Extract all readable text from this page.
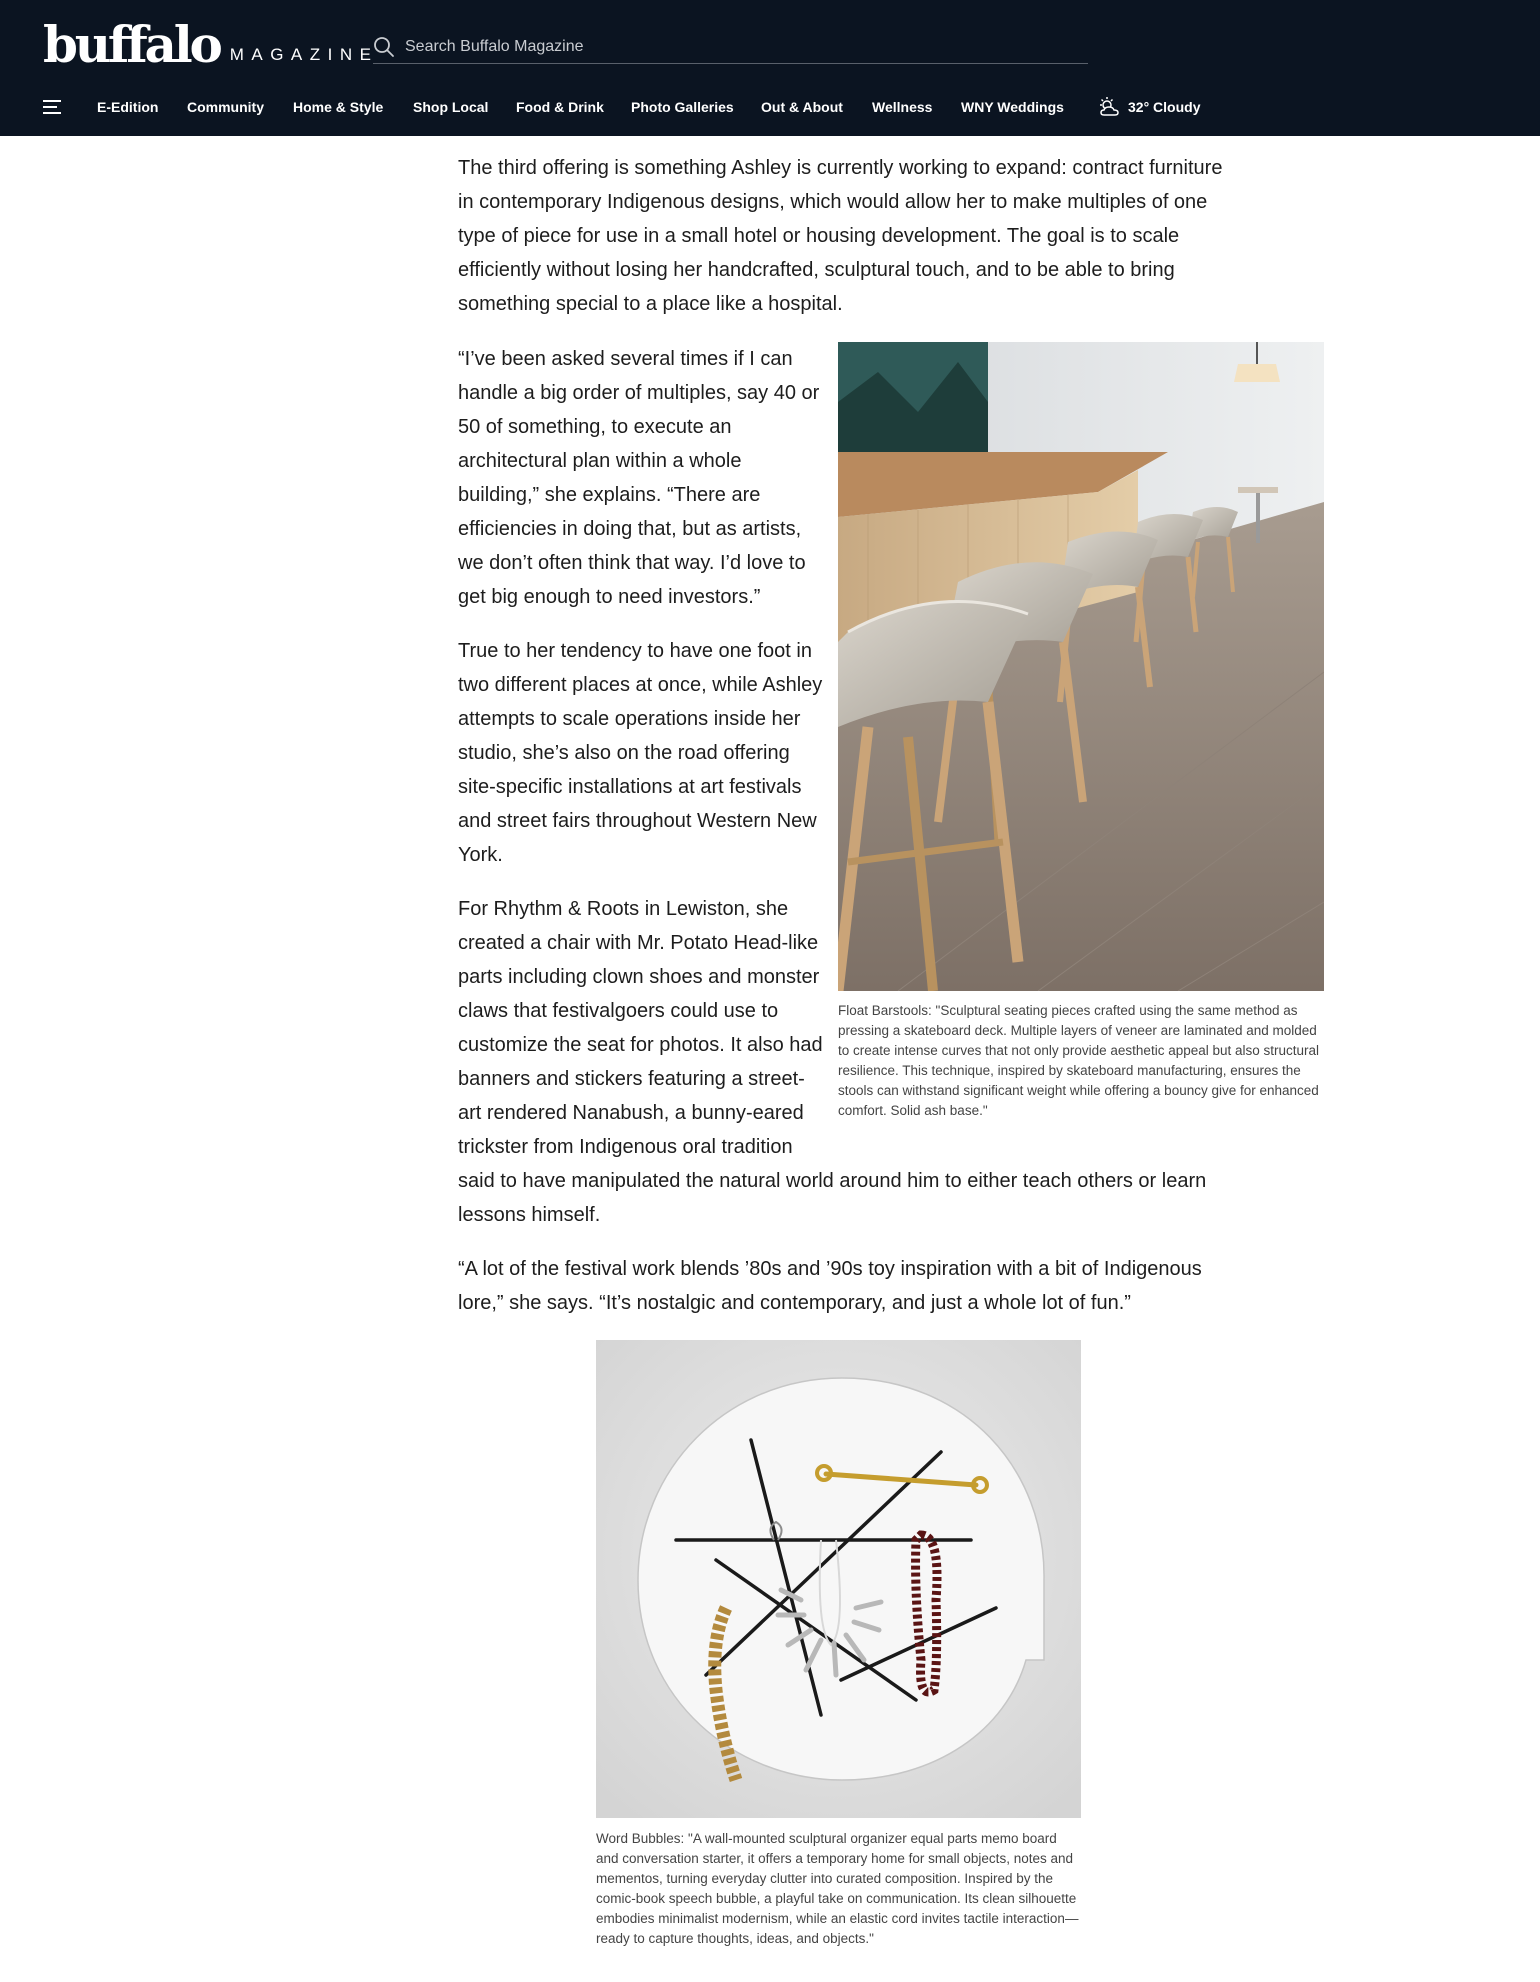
buffalo MAGAZINE
Search Buffalo Magazine
E-Edition Community Home & Style Shop Local Food & Drink Photo Galleries Out & About Wellness WNY Weddings	32° Cloudy

The third offering is something Ashley is currently working to expand: contract furniture in contemporary Indigenous designs, which would allow her to make multiples of one type of piece for use in a small hotel or housing development. The goal is to scale efficiently without losing her handcrafted, sculptural touch, and to be able to bring something special to a place like a hospital.

“I’ve been asked several times if I can handle a big order of multiples, say 40 or 50 of something, to execute an architectural plan within a whole building,” she explains. “There are efficiencies in doing that, but as artists, we don’t often think that way. I’d love to get big enough to need investors.”

True to her tendency to have one foot in two different places at once, while Ashley attempts to scale operations inside her studio, she’s also on the road offering site-specific installations at art festivals and street fairs throughout Western New York.

For Rhythm & Roots in Lewiston, she
created a chair with Mr. Potato Head-like
parts including clown shoes and monster
claws that festivalgoers could use to
customize the seat for photos. It also had
banners and stickers featuring a street-
art rendered Nanabush, a bunny-eared
trickster from Indigenous oral tradition
said to have manipulated the natural world around him to either teach others or learn
lessons himself.

“A lot of the festival work blends ’80s and ’90s toy inspiration with a bit of Indigenous lore,” she says. “It’s nostalgic and contemporary, and just a whole lot of fun.”

Float Barstools: "Sculptural seating pieces crafted using the same method as pressing a skateboard deck. Multiple layers of veneer are laminated and molded to create intense curves that not only provide aesthetic appeal but also structural resilience. This technique, inspired by skateboard manufacturing, ensures the stools can withstand significant weight while offering a bouncy give for enhanced comfort. Solid ash base."

Word Bubbles: "A wall-mounted sculptural organizer equal parts memo board and conversation starter, it offers a temporary home for small objects, notes and mementos, turning everyday clutter into curated composition. Inspired by the comic-book speech bubble, a playful take on communication. Its clean silhouette embodies minimalist modernism, while an elastic cord invites tactile interaction—ready to capture thoughts, ideas, and objects."
